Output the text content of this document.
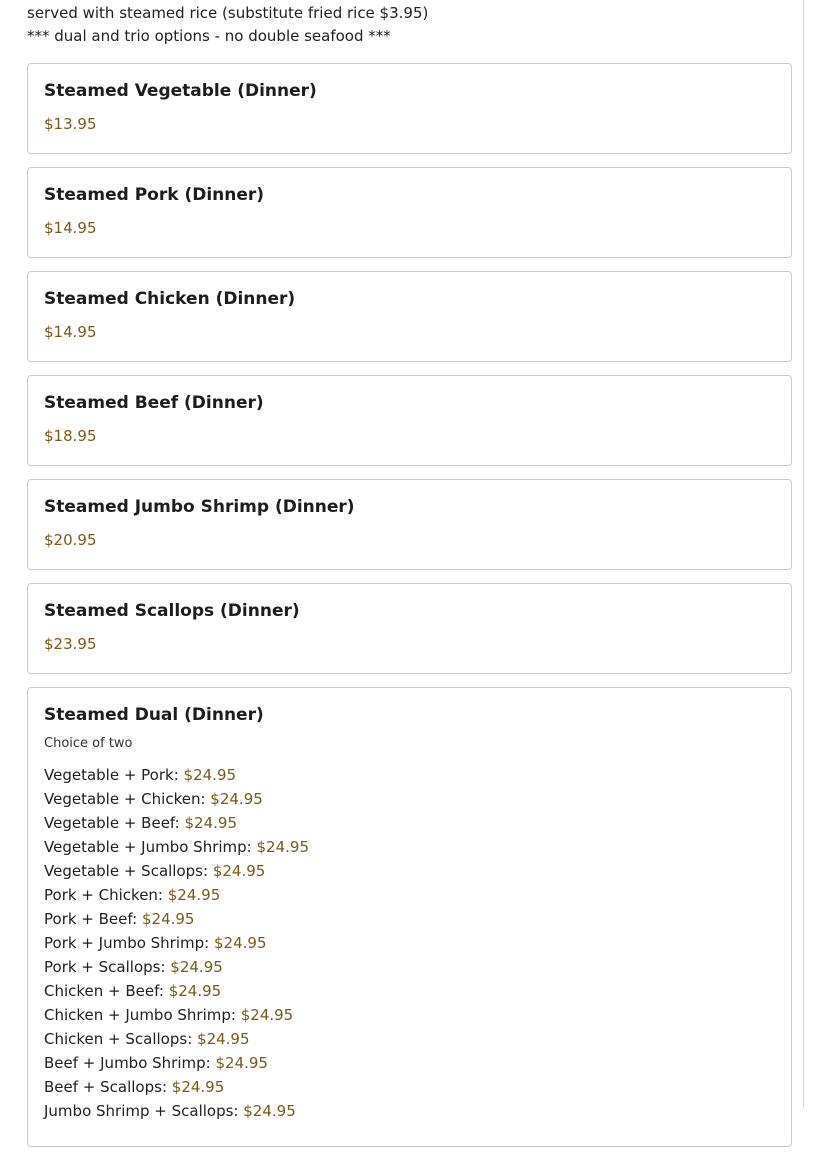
served with steamed rice (substitute fried rice $3.95)
*** dual and trio options - no double seafood ***
Steamed Vegetable (Dinner)
$13.95
Steamed Pork (Dinner)
$14.95
Steamed Chicken (Dinner)
$14.95
Steamed Beef (Dinner)
$18.95
Steamed Jumbo Shrimp (Dinner)
$20.95
Steamed Scallops (Dinner)
$23.95
Steamed Dual (Dinner)
Choice of two
Vegetable + Pork: $24.95
Vegetable + Chicken: $24.95
Vegetable + Beef: $24.95
Vegetable + Jumbo Shrimp: $24.95
Vegetable + Scallops: $24.95
Pork + Chicken: $24.95
Pork + Beef: $24.95
Pork + Jumbo Shrimp: $24.95
Pork + Scallops: $24.95
Chicken + Beef: $24.95
Chicken + Jumbo Shrimp: $24.95
Chicken + Scallops: $24.95
Beef + Jumbo Shrimp: $24.95
Beef + Scallops: $24.95
Jumbo Shrimp + Scallops: $24.95
